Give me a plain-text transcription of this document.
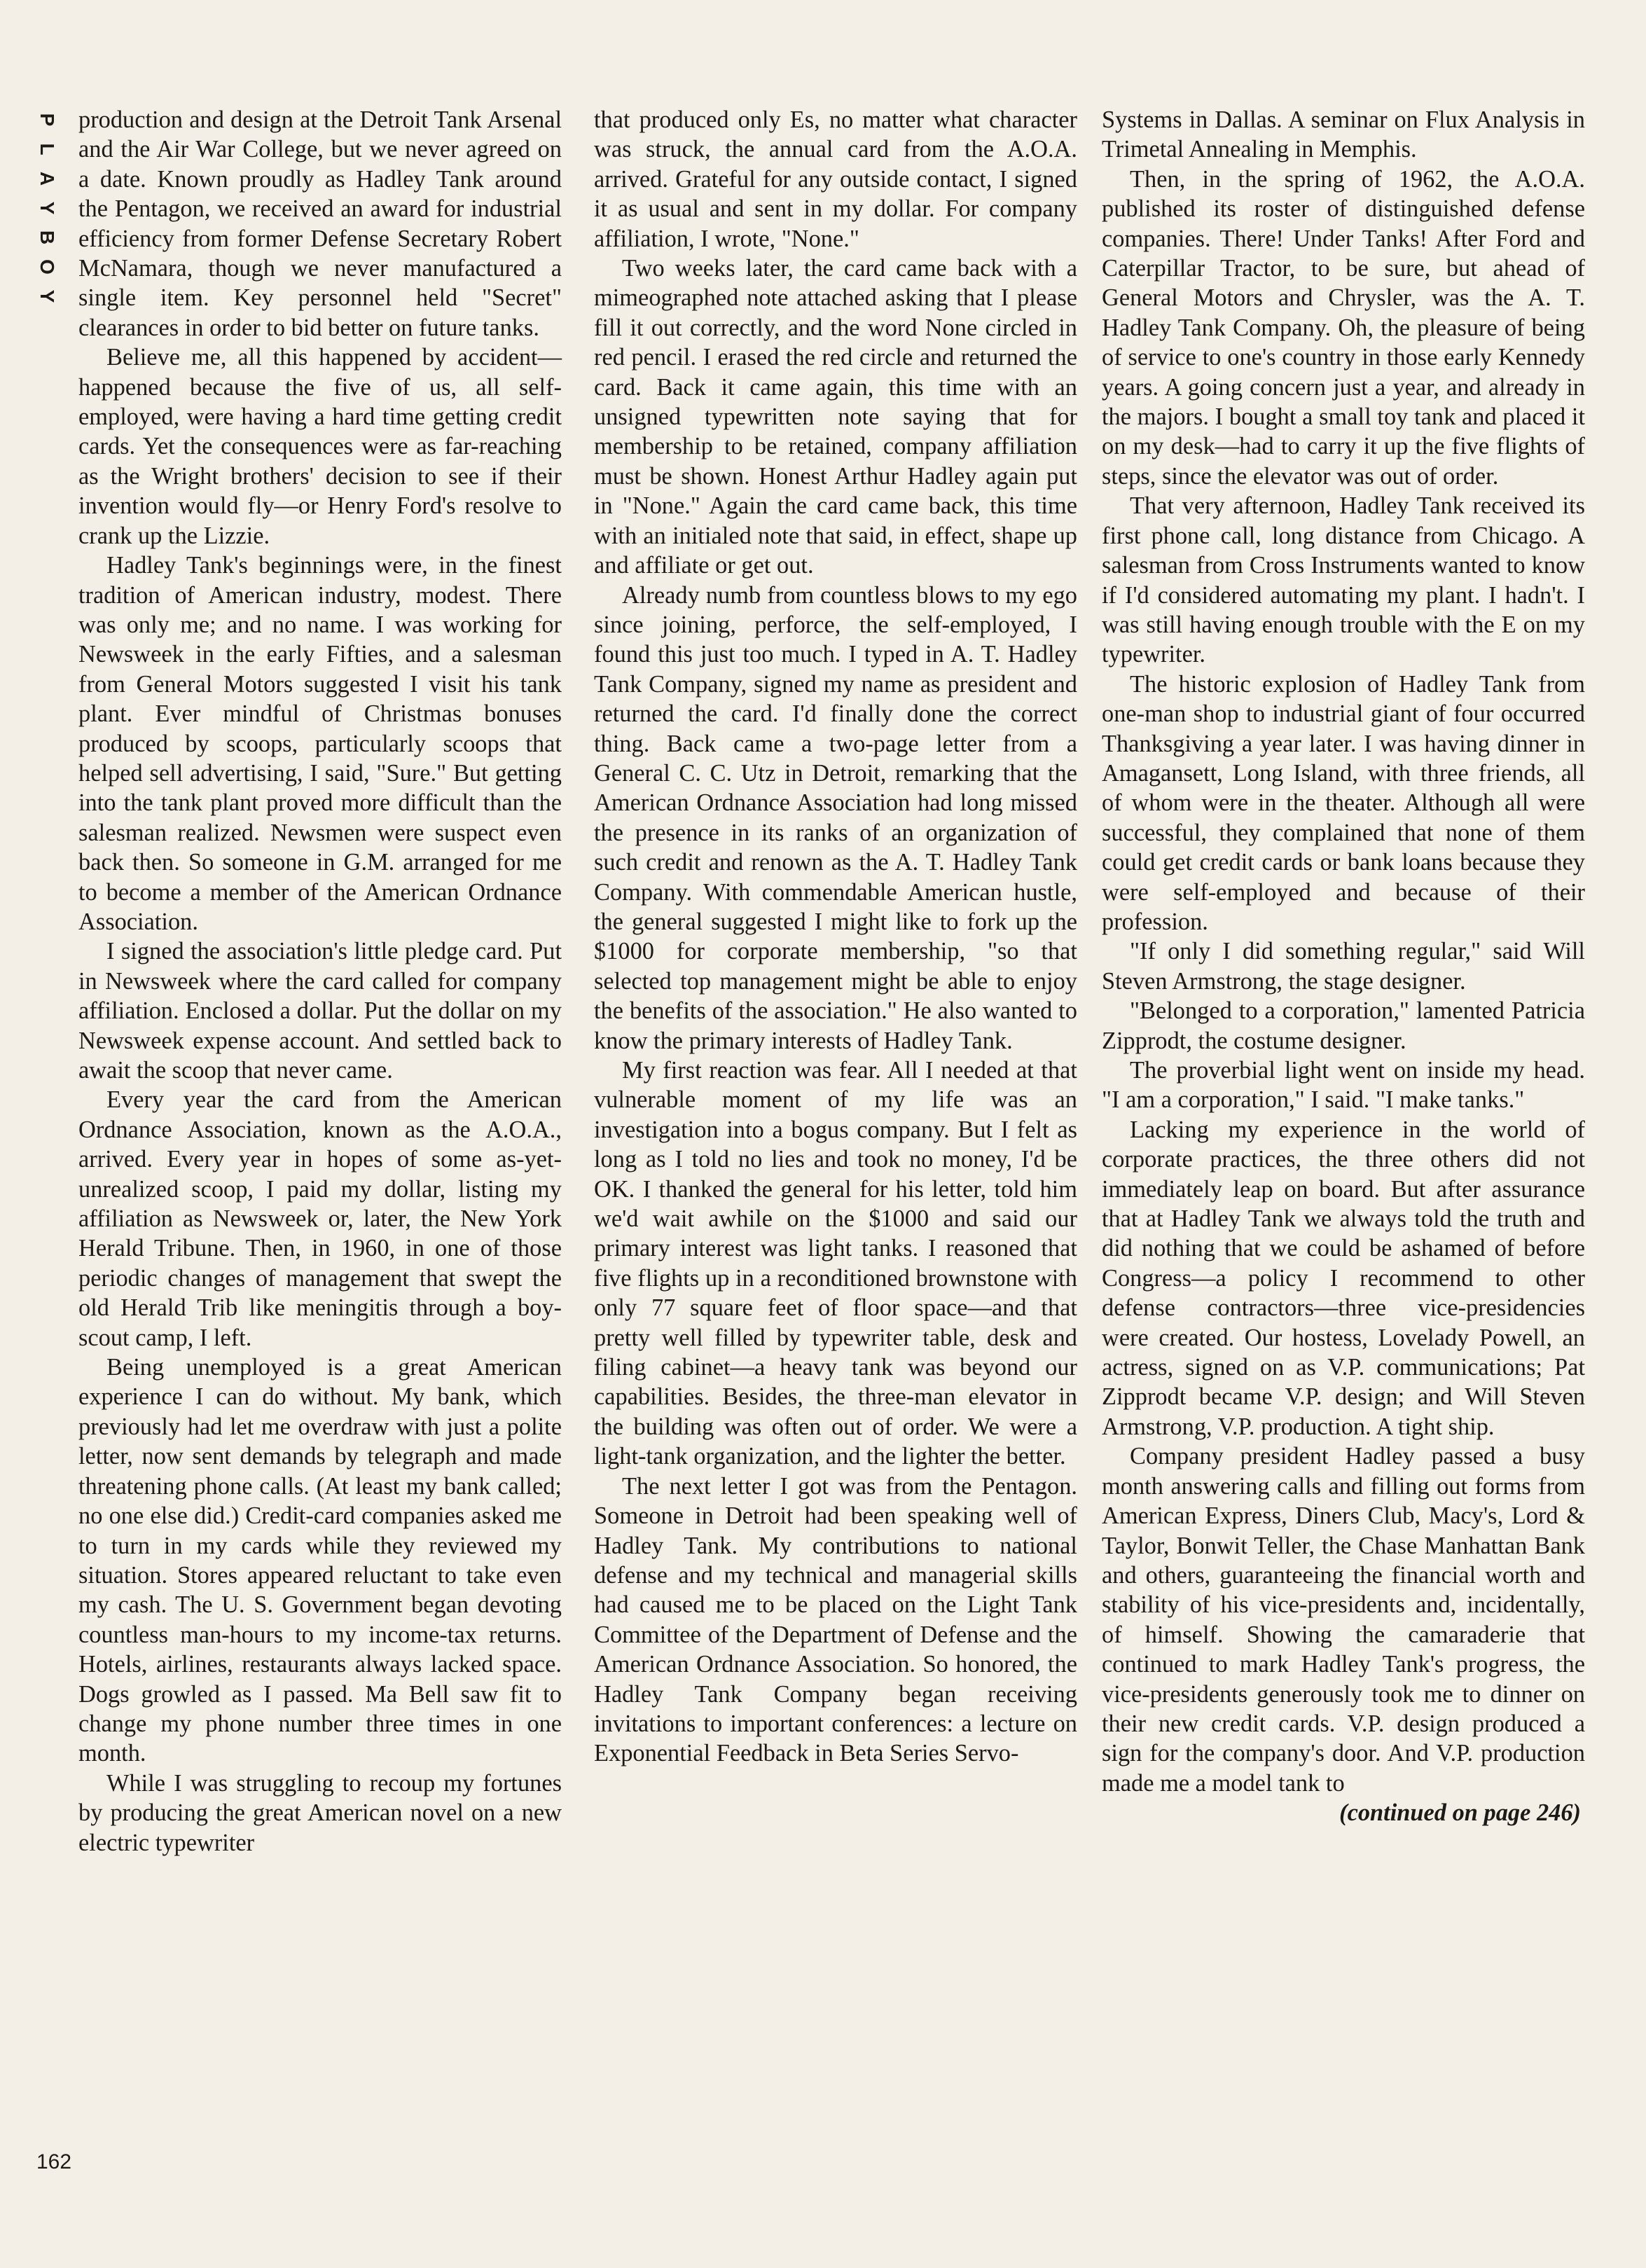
P
L
A
Y
B
O
Y
162

production and design at the Detroit Tank Arsenal and the Air War College, but we never agreed on a date. Known proudly as Hadley Tank around the Pentagon, we received an award for industrial efficiency from former Defense Secretary Robert McNamara, though we never manufactured a single item. Key personnel held "Secret" clearances in order to bid better on future tanks.

Believe me, all this happened by accident—happened because the five of us, all self-employed, were having a hard time getting credit cards. Yet the consequences were as far-reaching as the Wright brothers' decision to see if their invention would fly—or Henry Ford's resolve to crank up the Lizzie.

Hadley Tank's beginnings were, in the finest tradition of American industry, modest. There was only me; and no name. I was working for Newsweek in the early Fifties, and a salesman from General Motors suggested I visit his tank plant. Ever mindful of Christmas bonuses produced by scoops, particularly scoops that helped sell advertising, I said, "Sure." But getting into the tank plant proved more difficult than the salesman realized. Newsmen were suspect even back then. So someone in G.M. arranged for me to become a member of the American Ordnance Association.

I signed the association's little pledge card. Put in Newsweek where the card called for company affiliation. Enclosed a dollar. Put the dollar on my Newsweek expense account. And settled back to await the scoop that never came.

Every year the card from the American Ordnance Association, known as the A.O.A., arrived. Every year in hopes of some as-yet-unrealized scoop, I paid my dollar, listing my affiliation as Newsweek or, later, the New York Herald Tribune. Then, in 1960, in one of those periodic changes of management that swept the old Herald Trib like meningitis through a boy-scout camp, I left.

Being unemployed is a great American experience I can do without. My bank, which previously had let me overdraw with just a polite letter, now sent demands by telegraph and made threatening phone calls. (At least my bank called; no one else did.) Credit-card companies asked me to turn in my cards while they reviewed my situation. Stores appeared reluctant to take even my cash. The U. S. Government began devoting countless man-hours to my income-tax returns. Hotels, airlines, restaurants always lacked space. Dogs growled as I passed. Ma Bell saw fit to change my phone number three times in one month.

While I was struggling to recoup my fortunes by producing the great American novel on a new electric typewriter

that produced only Es, no matter what character was struck, the annual card from the A.O.A. arrived. Grateful for any outside contact, I signed it as usual and sent in my dollar. For company affiliation, I wrote, "None."

Two weeks later, the card came back with a mimeographed note attached asking that I please fill it out correctly, and the word None circled in red pencil. I erased the red circle and returned the card. Back it came again, this time with an unsigned typewritten note saying that for membership to be retained, company affiliation must be shown. Honest Arthur Hadley again put in "None." Again the card came back, this time with an initialed note that said, in effect, shape up and affiliate or get out.

Already numb from countless blows to my ego since joining, perforce, the self-employed, I found this just too much. I typed in A. T. Hadley Tank Company, signed my name as president and returned the card. I'd finally done the correct thing. Back came a two-page letter from a General C. C. Utz in Detroit, remarking that the American Ordnance Association had long missed the presence in its ranks of an organization of such credit and renown as the A. T. Hadley Tank Company. With commendable American hustle, the general suggested I might like to fork up the $1000 for corporate membership, "so that selected top management might be able to enjoy the benefits of the association." He also wanted to know the primary interests of Hadley Tank.

My first reaction was fear. All I needed at that vulnerable moment of my life was an investigation into a bogus company. But I felt as long as I told no lies and took no money, I'd be OK. I thanked the general for his letter, told him we'd wait awhile on the $1000 and said our primary interest was light tanks. I reasoned that five flights up in a reconditioned brownstone with only 77 square feet of floor space—and that pretty well filled by typewriter table, desk and filing cabinet—a heavy tank was beyond our capabilities. Besides, the three-man elevator in the building was often out of order. We were a light-tank organization, and the lighter the better.

The next letter I got was from the Pentagon. Someone in Detroit had been speaking well of Hadley Tank. My contributions to national defense and my technical and managerial skills had caused me to be placed on the Light Tank Committee of the Department of Defense and the American Ordnance Association. So honored, the Hadley Tank Company began receiving invitations to important conferences: a lecture on Exponential Feedback in Beta Series Servo-

Systems in Dallas. A seminar on Flux Analysis in Trimetal Annealing in Memphis.

Then, in the spring of 1962, the A.O.A. published its roster of distinguished defense companies. There! Under Tanks! After Ford and Caterpillar Tractor, to be sure, but ahead of General Motors and Chrysler, was the A. T. Hadley Tank Company. Oh, the pleasure of being of service to one's country in those early Kennedy years. A going concern just a year, and already in the majors. I bought a small toy tank and placed it on my desk—had to carry it up the five flights of steps, since the elevator was out of order.

That very afternoon, Hadley Tank received its first phone call, long distance from Chicago. A salesman from Cross Instruments wanted to know if I'd considered automating my plant. I hadn't. I was still having enough trouble with the E on my typewriter.

The historic explosion of Hadley Tank from one-man shop to industrial giant of four occurred Thanksgiving a year later. I was having dinner in Amagansett, Long Island, with three friends, all of whom were in the theater. Although all were successful, they complained that none of them could get credit cards or bank loans because they were self-employed and because of their profession.

"If only I did something regular," said Will Steven Armstrong, the stage designer.

"Belonged to a corporation," lamented Patricia Zipprodt, the costume designer.

The proverbial light went on inside my head. "I am a corporation," I said. "I make tanks."

Lacking my experience in the world of corporate practices, the three others did not immediately leap on board. But after assurance that at Hadley Tank we always told the truth and did nothing that we could be ashamed of before Congress—a policy I recommend to other defense contractors—three vice-presidencies were created. Our hostess, Lovelady Powell, an actress, signed on as V.P. communications; Pat Zipprodt became V.P. design; and Will Steven Armstrong, V.P. production. A tight ship.

Company president Hadley passed a busy month answering calls and filling out forms from American Express, Diners Club, Macy's, Lord & Taylor, Bonwit Teller, the Chase Manhattan Bank and others, guaranteeing the financial worth and stability of his vice-presidents and, incidentally, of himself. Showing the camaraderie that continued to mark Hadley Tank's progress, the vice-presidents generously took me to dinner on their new credit cards. V.P. design produced a sign for the company's door. And V.P. production made me a model tank to

(continued on page 246)
